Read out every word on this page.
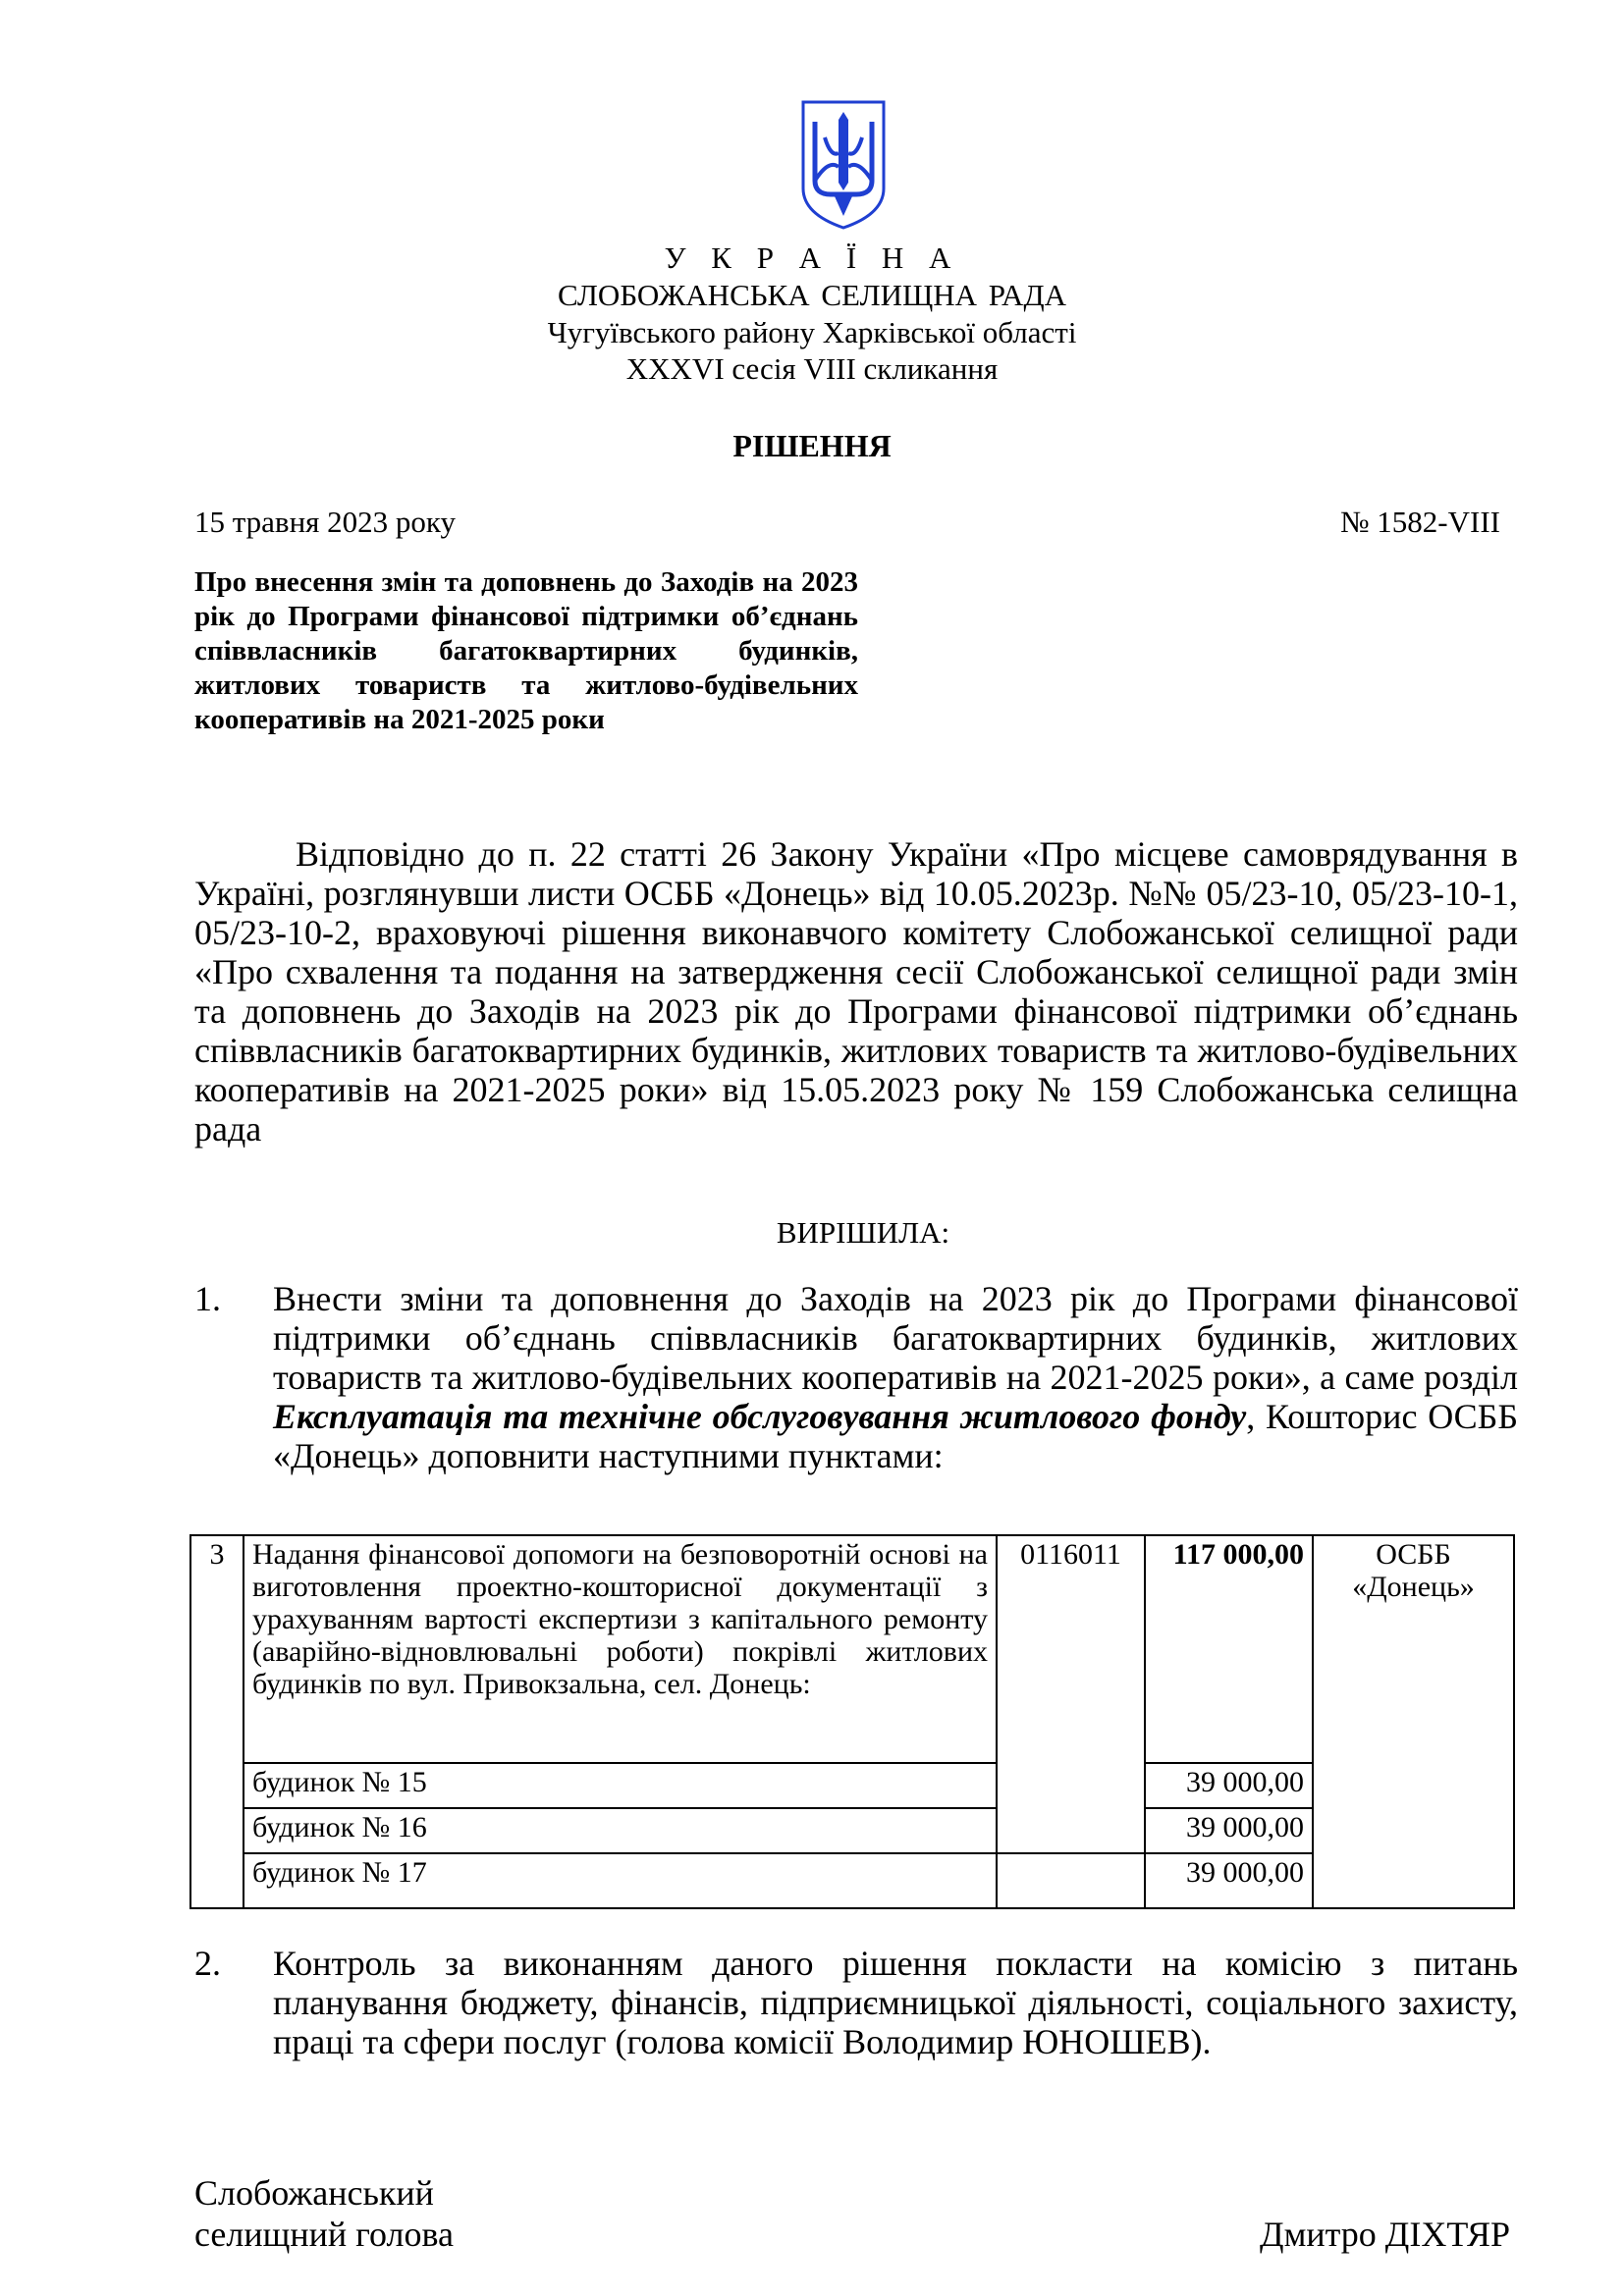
У К Р А Ї Н А
СЛОБОЖАНСЬКА СЕЛИЩНА РАДА
Чугуївського району Харківської області
XXXVI сесія VIII скликання
РІШЕННЯ
15 травня 2023 року	№ 1582-VIII
Про внесення змін та доповнень до Заходів на 2023 рік до Програми фінансової підтримки об’єднань співвласників багатоквартирних будинків, житлових товариств та житлово-будівельних кооперативів на 2021-2025 роки
Відповідно до п. 22 статті 26 Закону України «Про місцеве самоврядування в Україні, розглянувши листи ОСББ «Донець» від 10.05.2023р. №№ 05/23-10, 05/23-10-1, 05/23-10-2, враховуючі рішення виконавчого комітету Слобожанської селищної ради «Про схвалення та подання на затвердження сесії Слобожанської селищної ради змін та доповнень до Заходів на 2023 рік до Програми фінансової підтримки об’єднань співвласників багатоквартирних будинків, житлових товариств та житлово-будівельних кооперативів на 2021-2025 роки» від 15.05.2023 року № 159 Слобожанська селищна рада
ВИРІШИЛА:
1. Внести зміни та доповнення до Заходів на 2023 рік до Програми фінансової підтримки об’єднань співвласників багатоквартирних будинків, житлових товариств та житлово-будівельних кооперативів на 2021-2025 роки», а саме розділ Експлуатація та технічне обслуговування житлового фонду, Кошторис ОСББ «Донець» доповнити наступними пунктами:
3	Надання фінансової допомоги на безповоротній основі на виготовлення проектно-кошторисної документації з урахуванням вартості експертизи з капітального ремонту (аварійно-відновлювальні роботи) покрівлі житлових будинків по вул. Привокзальна, сел. Донець:	0116011	117 000,00	ОСББ «Донець»
	будинок № 15		39 000,00	
	будинок № 16		39 000,00	
	будинок № 17		39 000,00	
2. Контроль за виконанням даного рішення покласти на комісію з питань планування бюджету, фінансів, підприємницької діяльності, соціального захисту, праці та сфери послуг (голова комісії Володимир ЮНОШЕВ).
Слобожанський
селищний голова	Дмитро ДІХТЯР
